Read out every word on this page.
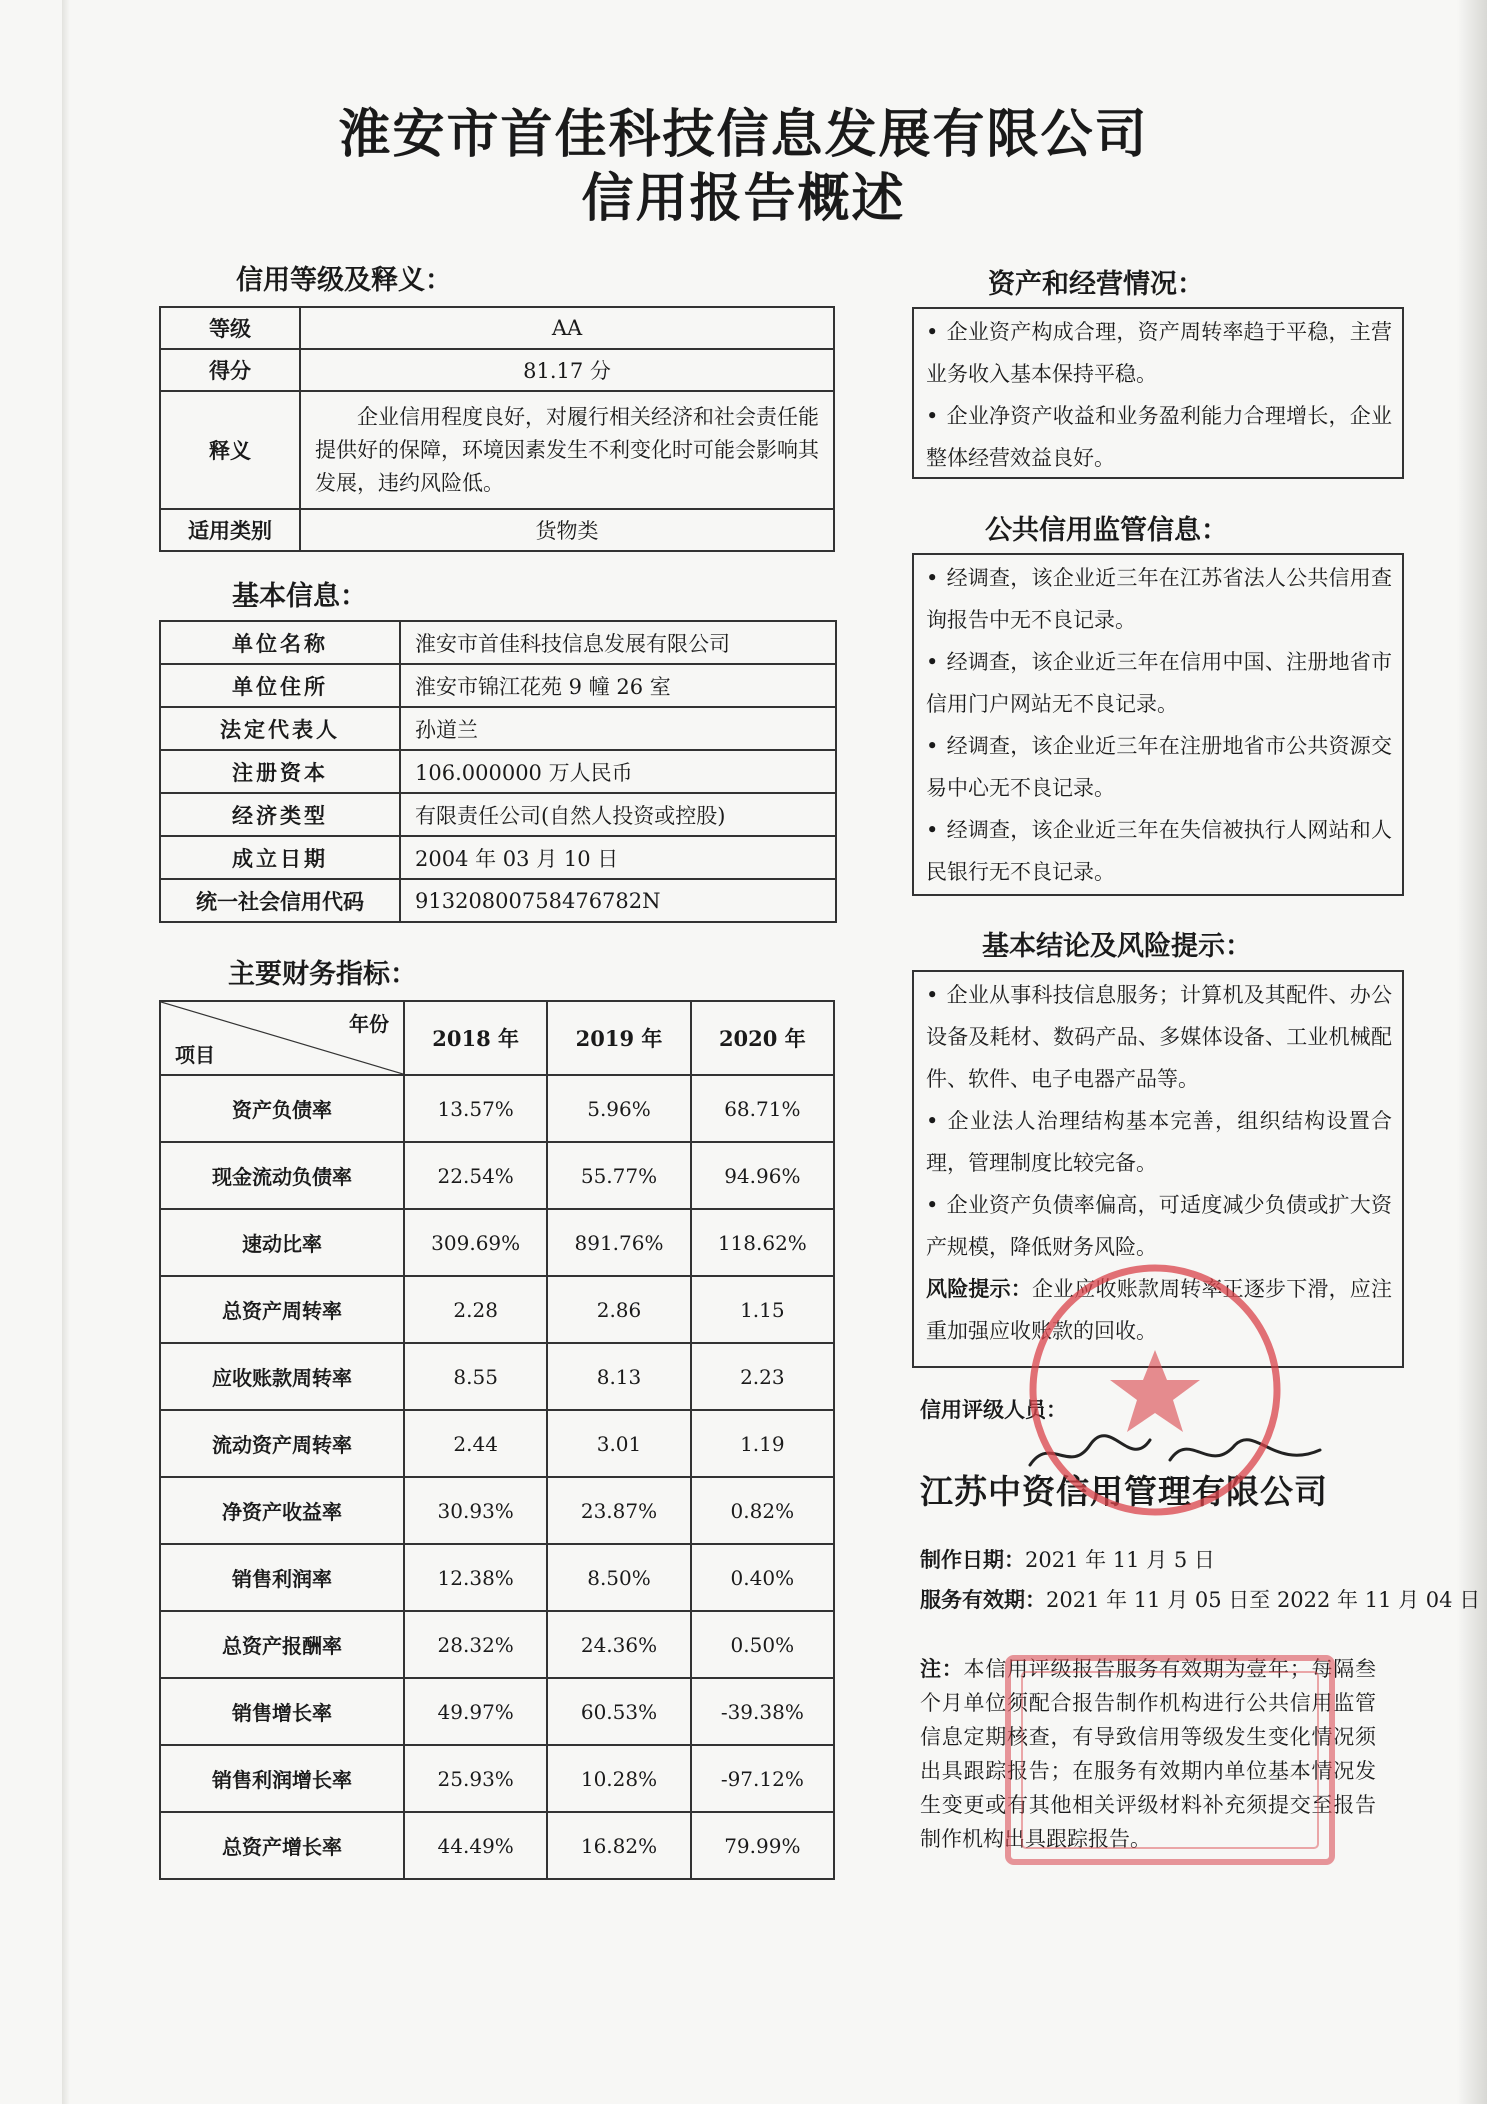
淮安市首佳科技信息发展有限公司
信用报告概述
信用等级及释义：
等级	AA
得分	81.17 分
释义	企业信用程度良好，对履行相关经济和社会责任能提供好的保障，环境因素发生不利变化时可能会影响其发展，违约风险低。
适用类别	货物类
基本信息：
单位名称	淮安市首佳科技信息发展有限公司
单位住所	淮安市锦江花苑 9 幢 26 室
法定代表人	孙道兰
注册资本	106.000000 万人民币
经济类型	有限责任公司(自然人投资或控股)
成立日期	2004 年 03 月 10 日
统一社会信用代码	91320800758476782N
主要财务指标：
年份
项目	2018 年	2019 年	2020 年
资产负债率	13.57%	5.96%	68.71%
现金流动负债率	22.54%	55.77%	94.96%
速动比率	309.69%	891.76%	118.62%
总资产周转率	2.28	2.86	1.15
应收账款周转率	8.55	8.13	2.23
流动资产周转率	2.44	3.01	1.19
净资产收益率	30.93%	23.87%	0.82%
销售利润率	12.38%	8.50%	0.40%
总资产报酬率	28.32%	24.36%	0.50%
销售增长率	49.97%	60.53%	-39.38%
销售利润增长率	25.93%	10.28%	-97.12%
总资产增长率	44.49%	16.82%	79.99%
资产和经营情况：
• 企业资产构成合理，资产周转率趋于平稳，主营业务收入基本保持平稳。
• 企业净资产收益和业务盈利能力合理增长，企业整体经营效益良好。
公共信用监管信息：
• 经调查，该企业近三年在江苏省法人公共信用查询报告中无不良记录。
• 经调查，该企业近三年在信用中国、注册地省市信用门户网站无不良记录。
• 经调查，该企业近三年在注册地省市公共资源交易中心无不良记录。
• 经调查，该企业近三年在失信被执行人网站和人民银行无不良记录。
基本结论及风险提示：
• 企业从事科技信息服务；计算机及其配件、办公设备及耗材、数码产品、多媒体设备、工业机械配件、软件、电子电器产品等。
• 企业法人治理结构基本完善，组织结构设置合理，管理制度比较完备。
• 企业资产负债率偏高，可适度减少负债或扩大资产规模，降低财务风险。
风险提示：企业应收账款周转率正逐步下滑，应注重加强应收账款的回收。
信用评级人员：
江苏中资信用管理有限公司
制作日期：2021 年 11 月 5 日
服务有效期：2021 年 11 月 05 日至 2022 年 11 月 04 日
注：本信用评级报告服务有效期为壹年；每隔叁个月单位须配合报告制作机构进行公共信用监管信息定期核查，有导致信用等级发生变化情况须出具跟踪报告；在服务有效期内单位基本情况发生变更或有其他相关评级材料补充须提交至报告制作机构出具跟踪报告。
